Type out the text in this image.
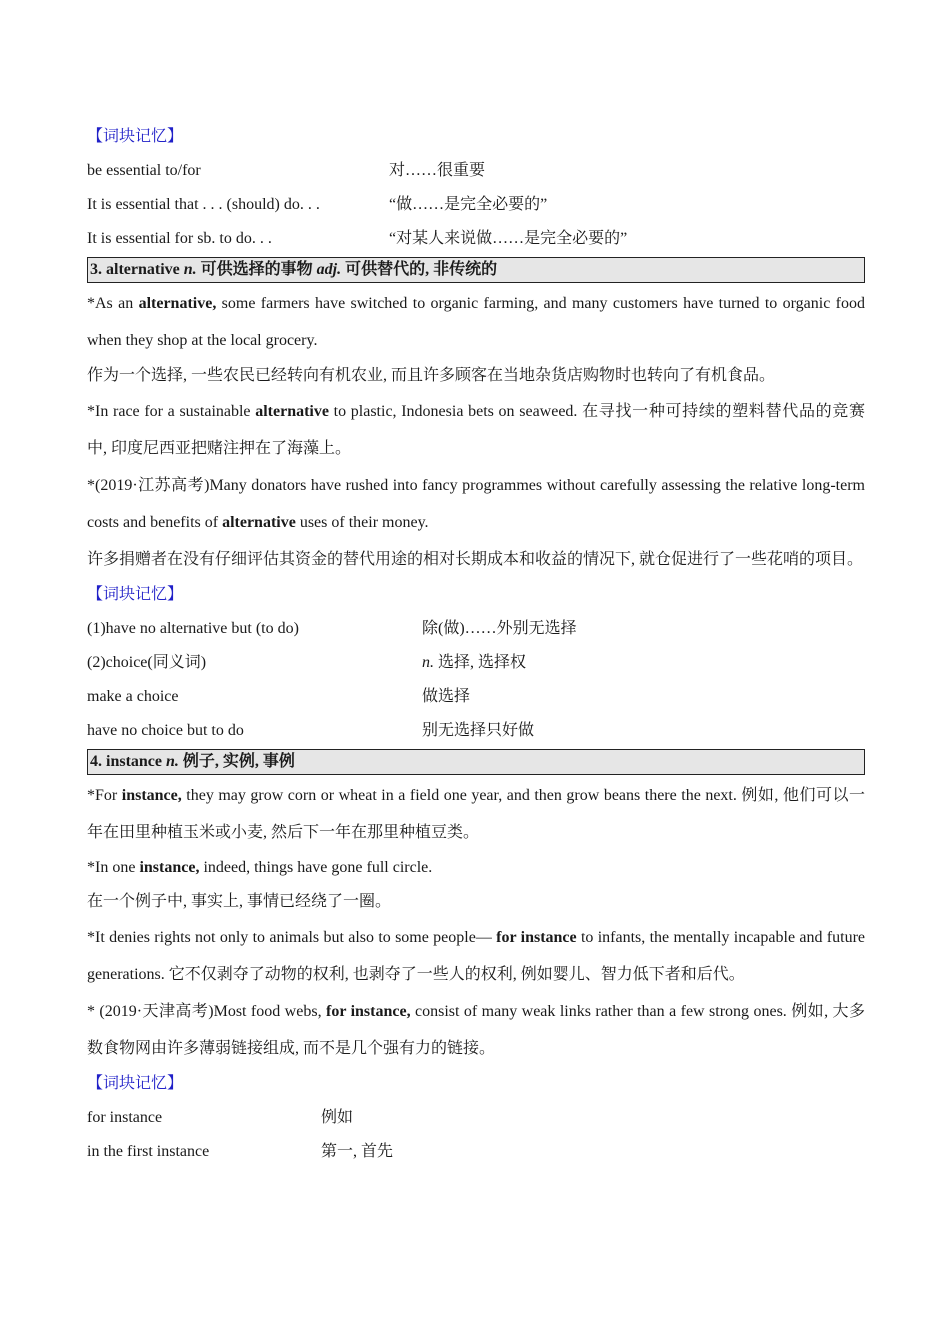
【词块记忆】
be essential to/for	对……很重要
It is essential that . . . (should) do. . .	“做……是完全必要的”
It is essential for sb. to do. . .	“对某人来说做……是完全必要的”
3. alternative n. 可供选择的事物 adj. 可供替代的, 非传统的
*As an alternative, some farmers have switched to organic farming, and many customers have turned to organic food when they shop at the local grocery.
作为一个选择, 一些农民已经转向有机农业, 而且许多顾客在当地杂货店购物时也转向了有机食品。
*In race for a sustainable alternative to plastic, Indonesia bets on seaweed. 在寻找一种可持续的塑料替代品的竞赛中, 印度尼西亚把赌注押在了海藻上。
*(2019·江苏高考)Many donators have rushed into fancy programmes without carefully assessing the relative long-term costs and benefits of alternative uses of their money.
许多捐赠者在没有仔细评估其资金的替代用途的相对长期成本和收益的情况下, 就仓促进行了一些花哨的项目。
【词块记忆】
(1)have no alternative but (to do)	除(做)……外别无选择
(2)choice(同义词)	n. 选择, 选择权
make a choice	做选择
have no choice but to do	别无选择只好做
4. instance n. 例子, 实例, 事例
*For instance, they may grow corn or wheat in a field one year, and then grow beans there the next. 例如, 他们可以一年在田里种植玉米或小麦, 然后下一年在那里种植豆类。
*In one instance, indeed, things have gone full circle.
在一个例子中, 事实上, 事情已经绕了一圈。
*It denies rights not only to animals but also to some people— for instance to infants, the mentally incapable and future generations. 它不仅剥夺了动物的权利, 也剥夺了一些人的权利, 例如婴儿、智力低下者和后代。
* (2019·天津高考)Most food webs, for instance, consist of many weak links rather than a few strong ones. 例如, 大多数食物网由许多薄弱链接组成, 而不是几个强有力的链接。
【词块记忆】
for instance	例如
in the first instance	第一, 首先
